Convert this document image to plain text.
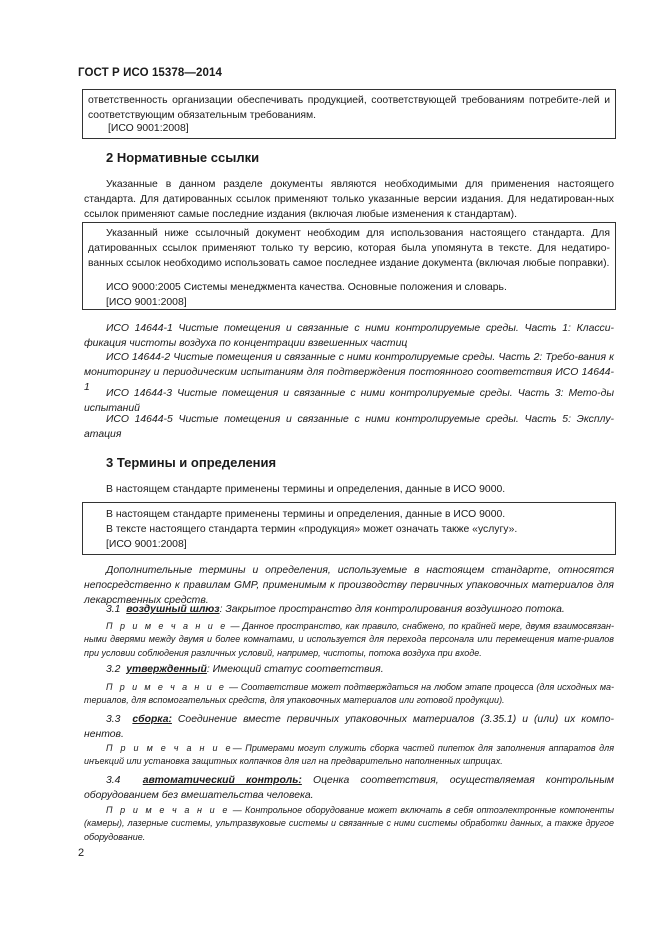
ГОСТ Р ИСО 15378—2014
ответственность организации обеспечивать продукцией, соответствующей требованиям потребите-лей и соответствующим обязательным требованиям.
[ИСО 9001:2008]
2 Нормативные ссылки
Указанные в данном разделе документы являются необходимыми для применения настоящего стандарта. Для датированных ссылок применяют только указанные версии издания. Для недатирован-ных ссылок применяют самые последние издания (включая любые изменения к стандартам).
Указанный ниже ссылочный документ необходим для использования настоящего стандарта. Для датированных ссылок применяют только ту версию, которая была упомянута в тексте. Для недатиро-ванных ссылок необходимо использовать самое последнее издание документа (включая любые поправки).
ИСО 9000:2005 Системы менеджмента качества. Основные положения и словарь.
[ИСО 9001:2008]
ИСО 14644-1 Чистые помещения и связанные с ними контролируемые среды. Часть 1: Класси-фикация чистоты воздуха по концентрации взвешенных частиц
ИСО 14644-2 Чистые помещения и связанные с ними контролируемые среды. Часть 2: Требо-вания к мониторингу и периодическим испытаниям для подтверждения постоянного соответствия ИСО 14644-1
ИСО 14644-3 Чистые помещения и связанные с ними контролируемые среды. Часть 3: Мето-ды испытаний
ИСО 14644-5 Чистые помещения и связанные с ними контролируемые среды. Часть 5: Эксплу-атация
3 Термины и определения
В настоящем стандарте применены термины и определения, данные в ИСО 9000.
В настоящем стандарте применены термины и определения, данные в ИСО 9000.
В тексте настоящего стандарта термин «продукция» может означать также «услугу».
[ИСО 9001:2008]
Дополнительные термины и определения, используемые в настоящем стандарте, относятся непосредственно к правилам GMP, применимым к производству первичных упаковочных материалов для лекарственных средств.
3.1 воздушный шлюз: Закрытое пространство для контролирования воздушного потока.
П р и м е ч а н и е — Данное пространство, как правило, снабжено, по крайней мере, двумя взаимосвязан-ными дверями между двумя и более комнатами, и используется для перехода персонала или перемещения мате-риалов при условии соблюдения различных условий, например, чистоты, потока воздуха при входе.
3.2 утвержденный: Имеющий статус соответствия.
П р и м е ч а н и е — Соответствие может подтверждаться на любом этапе процесса (для исходных ма-териалов, для вспомогательных средств, для упаковочных материалов или готовой продукции).
3.3 сборка: Соединение вместе первичных упаковочных материалов (3.35.1) и (или) их компо-нентов.
П р и м е ч а н и е— Примерами могут служить сборка частей пипеток для заполнения аппаратов для инъекций или установка защитных колпачков для игл на предварительно наполненных шприцах.
3.4 автоматический контроль: Оценка соответствия, осуществляемая контрольным оборудованием без вмешательства человека.
П р и м е ч а н и е — Контрольное оборудование может включать в себя оптоэлектронные компоненты (камеры), лазерные системы, ультразвуковые системы и связанные с ними системы обработки данных, а также другое оборудование.
2
